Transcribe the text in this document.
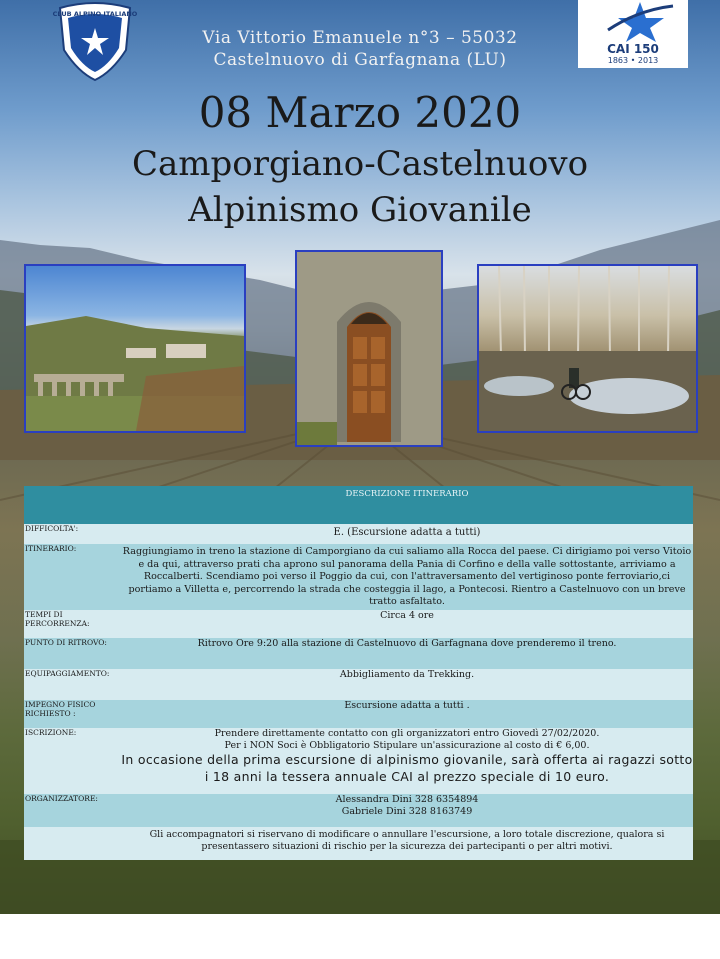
CLUB ALPINO ITALIANO
CAI 150
1863 • 2013
Via Vittorio Emanuele n°3 – 55032
Castelnuovo di Garfagnana (LU)
08 Marzo 2020
Camporgiano-Castelnuovo
Alpinismo Giovanile
	DESCRIZIONE ITINERARIO
DIFFICOLTA':	E. (Escursione adatta a tutti)
ITINERARIO:	Raggiungiamo in treno la stazione di Camporgiano da cui saliamo alla Rocca del paese. Ci dirigiamo poi verso Vitoio e da qui, attraverso prati cha aprono sul panorama della Pania di Corfino e della valle sottostante, arriviamo a Roccalberti. Scendiamo poi verso il Poggio da cui, con l'attraversamento del vertiginoso ponte ferroviario,ci portiamo a Villetta e, percorrendo la strada che costeggia il lago, a Pontecosi. Rientro a Castelnuovo con un breve tratto asfaltato.
TEMPI DI PERCORRENZA:	Circa 4 ore
PUNTO DI RITROVO:	Ritrovo Ore 9:20 alla stazione di Castelnuovo di Garfagnana dove prenderemo il treno.
EQUIPAGGIAMENTO:	Abbigliamento da Trekking.
IMPEGNO FISICO RICHIESTO :	Escursione adatta a tutti .
ISCRIZIONE:	Prendere direttamente contatto con gli organizzatori entro Giovedì 27/02/2020.
Per i NON Soci è Obbligatorio Stipulare un'assicurazione al costo di € 6,00.
In occasione della prima escursione di alpinismo giovanile, sarà offerta ai ragazzi sotto i 18 anni la tessera annuale CAI al prezzo speciale di 10 euro.

ORGANIZZATORE:	Alessandra Dini 328 6354894
Gabriele Dini 328 8163749

	Gli accompagnatori si riservano di modificare o annullare l'escursione, a loro totale discrezione, qualora si presentassero situazioni di rischio per la sicurezza dei partecipanti o per altri motivi.
